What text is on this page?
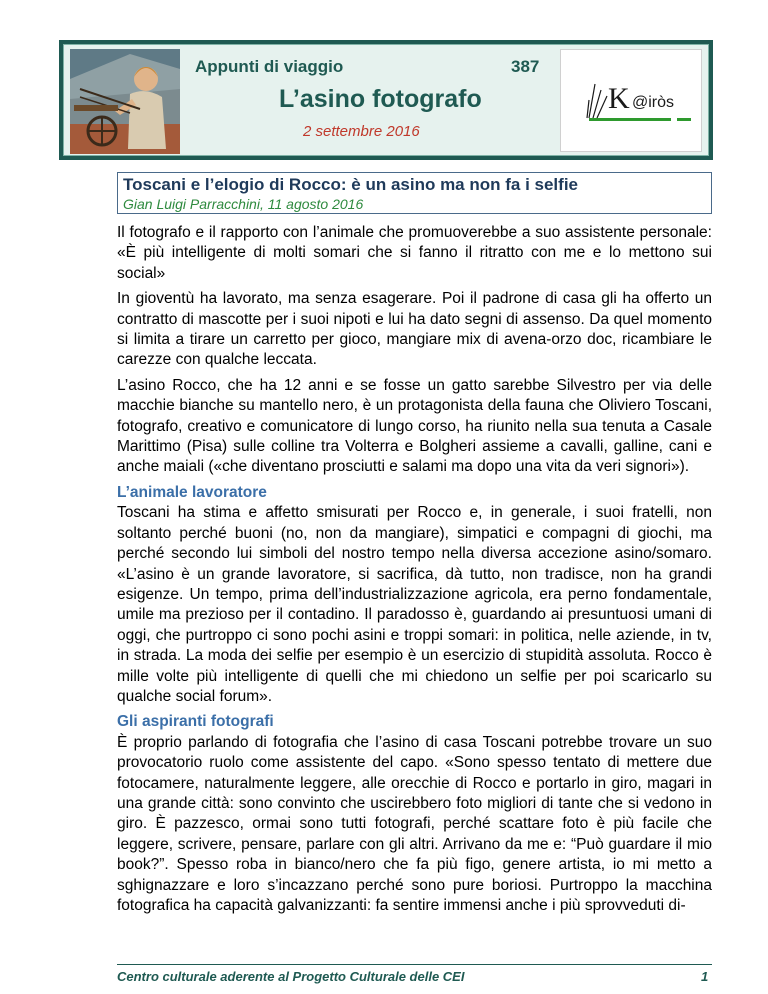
Appunti di viaggio	387
L’asino fotografo
2 settembre 2016
K @iròs
Toscani e l’elogio di Rocco: è un asino ma non fa i selfie
Gian Luigi Parracchini, 11 agosto 2016

Il fotografo e il rapporto con l’animale che promuoverebbe a suo assistente personale: «È più intelligente di molti somari che si fanno il ritratto con me e lo mettono sui social»

In gioventù ha lavorato, ma senza esagerare. Poi il padrone di casa gli ha offerto un contratto di mascotte per i suoi nipoti e lui ha dato segni di assenso. Da quel momento si limita a tirare un carretto per gioco, mangiare mix di avena-orzo doc, ricambiare le carezze con qualche leccata.

L’asino Rocco, che ha 12 anni e se fosse un gatto sarebbe Silvestro per via delle macchie bianche su mantello nero, è un protagonista della fauna che Oliviero Toscani, fotografo, creativo e comunicatore di lungo corso, ha riunito nella sua tenuta a Casale Marittimo (Pisa) sulle colline tra Volterra e Bolgheri assieme a cavalli, galline, cani e anche maiali («che diventano prosciutti e salami ma dopo una vita da veri signori»).

L’animale lavoratore

Toscani ha stima e affetto smisurati per Rocco e, in generale, i suoi fratelli, non soltanto perché buoni (no, non da mangiare), simpatici e compagni di giochi, ma perché secondo lui simboli del nostro tempo nella diversa accezione asino/somaro. «L’asino è un grande lavoratore, si sacrifica, dà tutto, non tradisce, non ha grandi esigenze. Un tempo, prima dell’industrializzazione agricola, era perno fondamentale, umile ma prezioso per il contadino. Il paradosso è, guardando ai presuntuosi umani di oggi, che purtroppo ci sono pochi asini e troppi somari: in politica, nelle aziende, in tv, in strada. La moda dei selfie per esempio è un esercizio di stupidità assoluta. Rocco è mille volte più intelligente di quelli che mi chiedono un selfie per poi scaricarlo su qualche social forum».

Gli aspiranti fotografi

È proprio parlando di fotografia che l’asino di casa Toscani potrebbe trovare un suo provocatorio ruolo come assistente del capo. «Sono spesso tentato di mettere due fotocamere, naturalmente leggere, alle orecchie di Rocco e portarlo in giro, magari in una grande città: sono convinto che uscirebbero foto migliori di tante che si vedono in giro. È pazzesco, ormai sono tutti fotografi, perché scattare foto è più facile che leggere, scrivere, pensare, parlare con gli altri. Arrivano da me e: “Può guardare il mio book?”. Spesso roba in bianco/nero che fa più figo, genere artista, io mi metto a sghignazzare e loro s’incazzano perché sono pure boriosi. Purtroppo la macchina fotografica ha capacità galvanizzanti: fa sentire immensi anche i più sprovveduti di-

Centro culturale aderente al Progetto Culturale delle CEI	1
